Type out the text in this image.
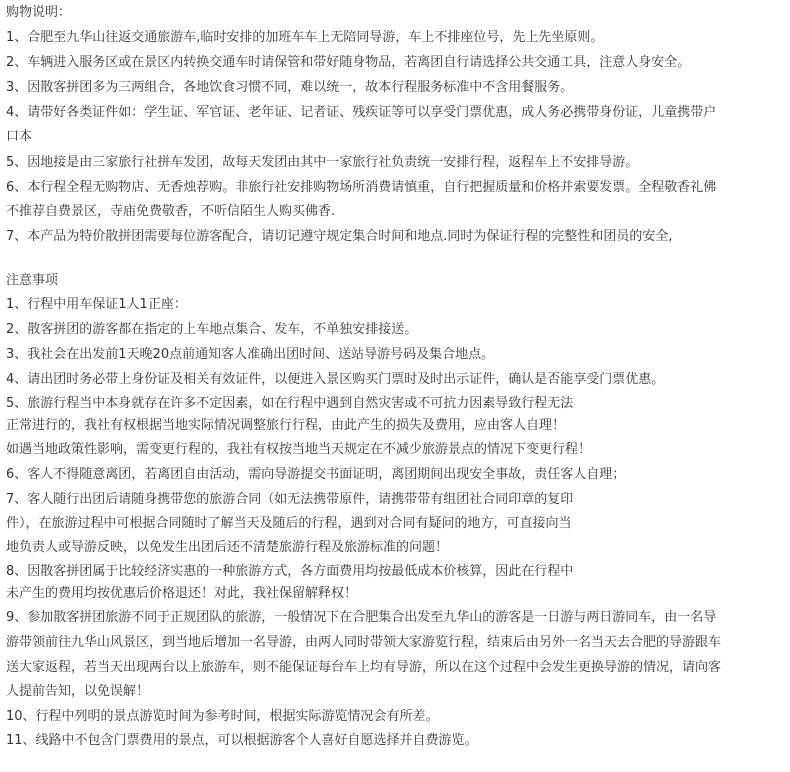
购物说明：
1、合肥至九华山往返交通旅游车,临时安排的加班车车上无陪同导游，车上不排座位号，先上先坐原则。
2、车辆进入服务区或在景区内转换交通车时请保管和带好随身物品，若离团自行请选择公共交通工具，注意人身安全。
3、因散客拼团多为三两组合，各地饮食习惯不同，难以统一，故本行程服务标准中不含用餐服务。
4、请带好各类证件如：学生证、军官证、老年证、记者证、残疾证等可以享受门票优惠，成人务必携带身份证，儿童携带户
口本
5、因地接是由三家旅行社拼车发团，故每天发团由其中一家旅行社负责统一安排行程，返程车上不安排导游。
6、本行程全程无购物店、无香烛荐购。非旅行社安排购物场所消费请慎重，自行把握质量和价格并索要发票。全程敬香礼佛
不推荐自费景区，寺庙免费敬香，不听信陌生人购买佛香.
7、本产品为特价散拼团需要每位游客配合，请切记遵守规定集合时间和地点.同时为保证行程的完整性和团员的安全,
注意事项
1、行程中用车保证1人1正座：
2、散客拼团的游客都在指定的上车地点集合、发车，不单独安排接送。
3、我社会在出发前1天晚20点前通知客人准确出团时间、送站导游号码及集合地点。
4、请出团时务必带上身份证及相关有效证件，以便进入景区购买门票时及时出示证件，确认是否能享受门票优惠。
5、旅游行程当中本身就存在许多不定因素，如在行程中遇到自然灾害或不可抗力因素导致行程无法
正常进行的，我社有权根据当地实际情况调整旅行行程，由此产生的损失及费用，应由客人自理！
如遇当地政策性影响，需变更行程的，我社有权按当地当天规定在不减少旅游景点的情况下变更行程！
6、客人不得随意离团，若离团自由活动，需向导游提交书面证明，离团期间出现安全事故，责任客人自理；
7、客人随行出团后请随身携带您的旅游合同（如无法携带原件，请携带带有组团社合同印章的复印
件），在旅游过程中可根据合同随时了解当天及随后的行程，遇到对合同有疑问的地方，可直接向当
地负责人或导游反映，以免发生出团后还不清楚旅游行程及旅游标准的问题！
8、因散客拼团属于比较经济实惠的一种旅游方式，各方面费用均按最低成本价核算，因此在行程中
未产生的费用均按优惠后价格退还！对此，我社保留解释权！
9、参加散客拼团旅游不同于正规团队的旅游，一般情况下在合肥集合出发至九华山的游客是一日游与两日游同车，由一名导
游带领前往九华山风景区，到当地后增加一名导游，由两人同时带领大家游览行程，结束后由另外一名当天去合肥的导游跟车
送大家返程，若当天出现两台以上旅游车，则不能保证每台车上均有导游，所以在这个过程中会发生更换导游的情况，请向客
人提前告知，以免误解！
10、行程中列明的景点游览时间为参考时间，根据实际游览情况会有所差。
11、线路中不包含门票费用的景点，可以根据游客个人喜好自愿选择并自费游览。
